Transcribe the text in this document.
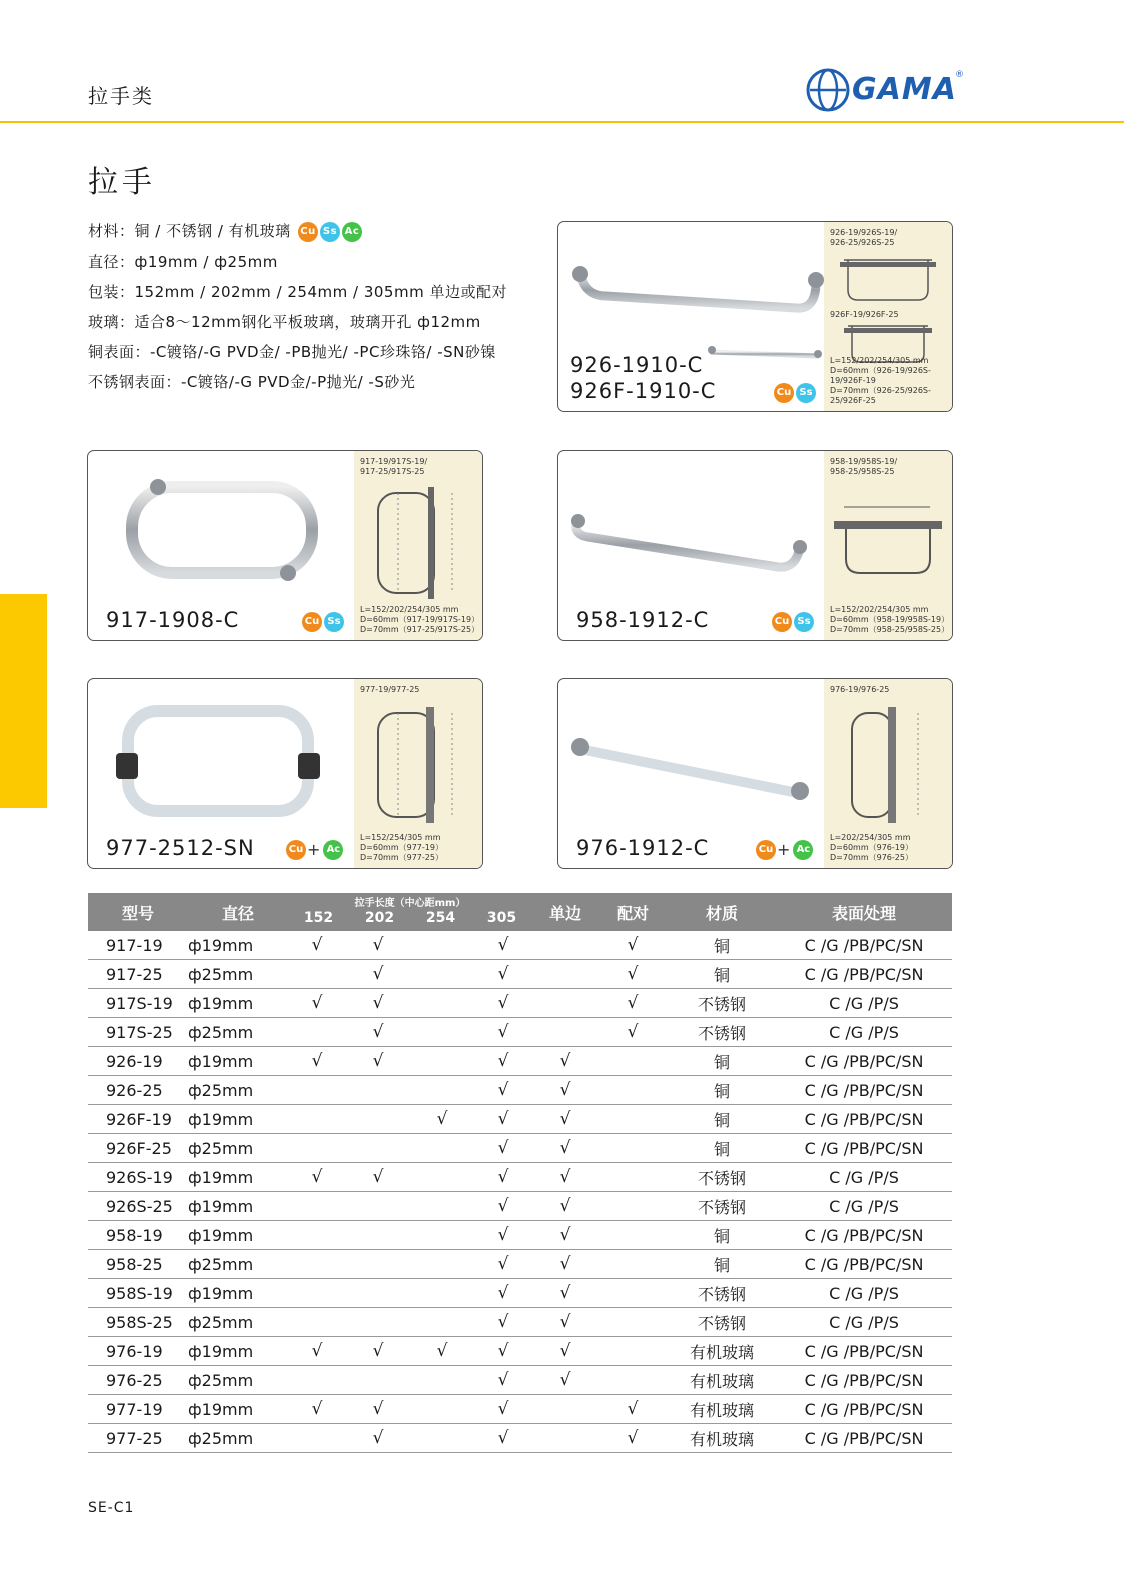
拉手类	GAMA
®
拉手
材料：铜 / 不锈钢 / 有机玻璃 Cu Ss Ac
直径：ф19mm / ф25mm
包装：152mm / 202mm / 254mm / 305mm 单边或配对
玻璃：适合8～12mm钢化平板玻璃，玻璃开孔 ф12mm
铜表面：-C镀铬/-G PVD金/ -PB抛光/ -PC珍珠铬/ -SN砂镍
不锈钢表面：-C镀铬/-G PVD金/-P抛光/ -S砂光
926-1910-C
926F-1910-C	Cu Ss
926-19/926S-19/
926-25/926S-25
926F-19/926F-25
L=152/202/254/305 mm
D=60mm（926-19/926S-19/926F-19
D=70mm（926-25/926S-25/926F-25
917-1908-C	Cu Ss
917-19/917S-19/
917-25/917S-25
L=152/202/254/305 mm
D=60mm（917-19/917S-19）
D=70mm（917-25/917S-25）	958-1912-C	Cu Ss
958-19/958S-19/
958-25/958S-25
L=152/202/254/305 mm
D=60mm（958-19/958S-19）
D=70mm（958-25/958S-25）
977-2512-SN	Cu + Ac
977-19/977-25
L=152/254/305 mm
D=60mm（977-19）
D=70mm（977-25）	976-1912-C	Cu + Ac
976-19/976-25
L=202/254/305 mm
D=60mm（976-19）
D=70mm（976-25）
型号	直径	拉手长度（中心距mm）
152 202 254 305				单边	配对	材质	表面处理
917-19	ф19mm	√	√		√		√	铜	C /G /PB/PC/SN
917-25	ф25mm		√		√		√	铜	C /G /PB/PC/SN
917S-19	ф19mm	√	√		√		√	不锈钢	C /G /P/S
917S-25	ф25mm		√		√		√	不锈钢	C /G /P/S
926-19	ф19mm	√	√		√	√		铜	C /G /PB/PC/SN
926-25	ф25mm				√	√		铜	C /G /PB/PC/SN
926F-19	ф19mm			√	√	√		铜	C /G /PB/PC/SN
926F-25	ф25mm				√	√		铜	C /G /PB/PC/SN
926S-19	ф19mm	√	√		√	√		不锈钢	C /G /P/S
926S-25	ф19mm				√	√		不锈钢	C /G /P/S
958-19	ф19mm				√	√		铜	C /G /PB/PC/SN
958-25	ф25mm				√	√		铜	C /G /PB/PC/SN
958S-19	ф19mm				√	√		不锈钢	C /G /P/S
958S-25	ф25mm				√	√		不锈钢	C /G /P/S
976-19	ф19mm	√	√	√	√	√		有机玻璃	C /G /PB/PC/SN
976-25	ф25mm				√	√		有机玻璃	C /G /PB/PC/SN
977-19	ф19mm	√	√		√		√	有机玻璃	C /G /PB/PC/SN
977-25	ф25mm		√		√		√	有机玻璃	C /G /PB/PC/SN
SE-C1
